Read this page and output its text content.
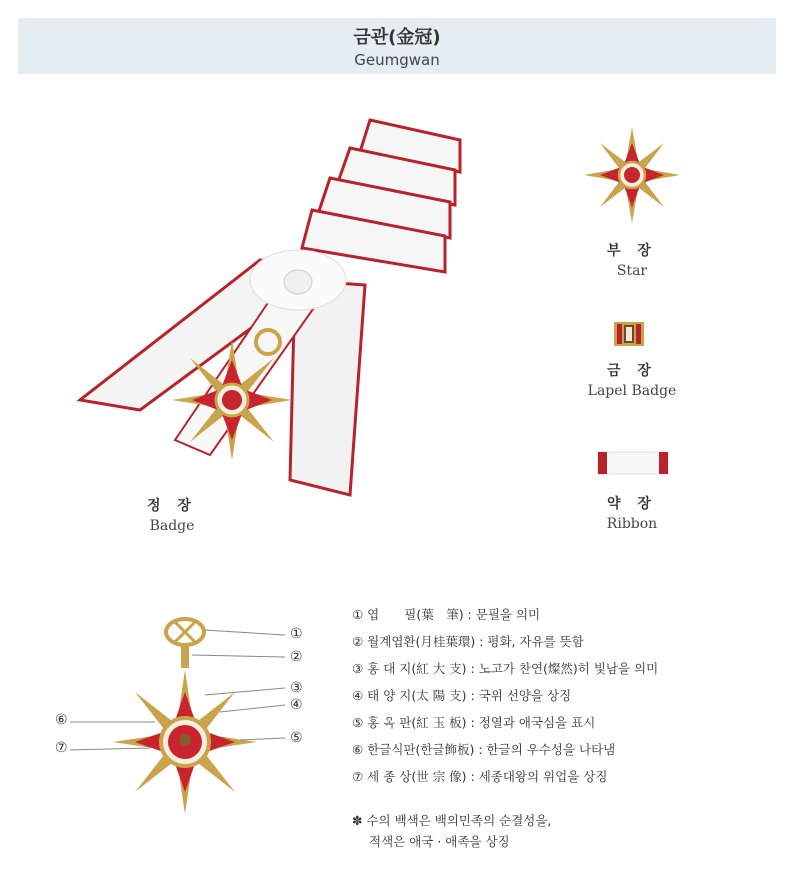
금관(金冠)
Geumgwan
정 장
Badge
부 장
Star
금 장
Lapel Badge
약 장
Ribbon
①
②
③
④
⑤
⑥
⑦
① 엽　　필(葉　筆) : 문필을 의미
② 월계엽환(月桂葉環) : 평화, 자유를 뜻함
③ 홍 대 지(紅 大 支) : 노고가 찬연(燦然)히 빛남을 의미
④ 태 양 지(太 陽 支) : 국위 선양을 상징
⑤ 홍 옥 판(紅 玉 板) : 정열과 애국심을 표시
⑥ 한글식판(한글飾板) : 한글의 우수성을 나타냄
⑦ 세 종 상(世 宗 像) : 세종대왕의 위업을 상징
✽ 수의 백색은 백의민족의 순결성을,
적색은 애국 · 애족을 상징
